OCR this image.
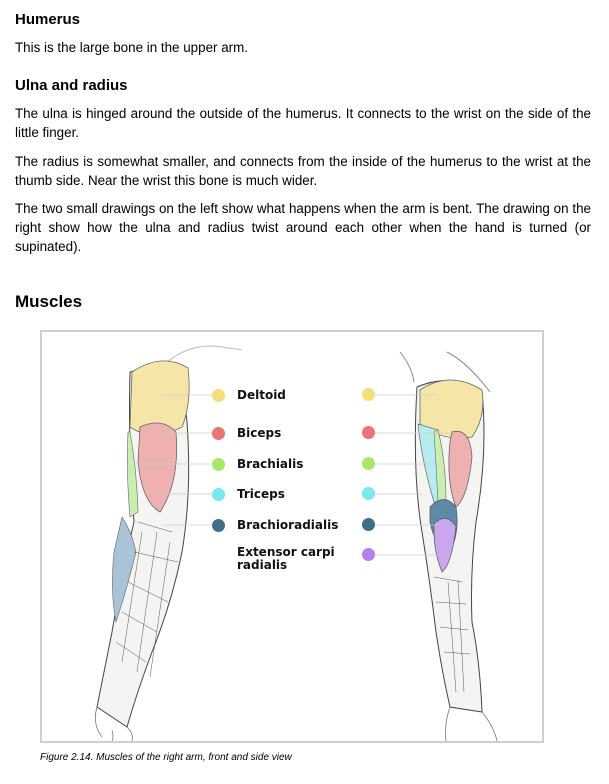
Humerus

This is the large bone in the upper arm.

Ulna and radius

The ulna is hinged around the outside of the humerus. It connects to the wrist on the side of the little finger.

The radius is somewhat smaller, and connects from the inside of the humerus to the wrist at the thumb side. Near the wrist this bone is much wider.

The two small drawings on the left show what happens when the arm is bent. The drawing on the right show how the ulna and radius twist around each other when the hand is turned (or supinated).

Muscles
Deltoid
Biceps
Brachialis
Triceps
Brachioradialis
Extensor carpi radialis
Figure 2.14. Muscles of the right arm, front and side view
